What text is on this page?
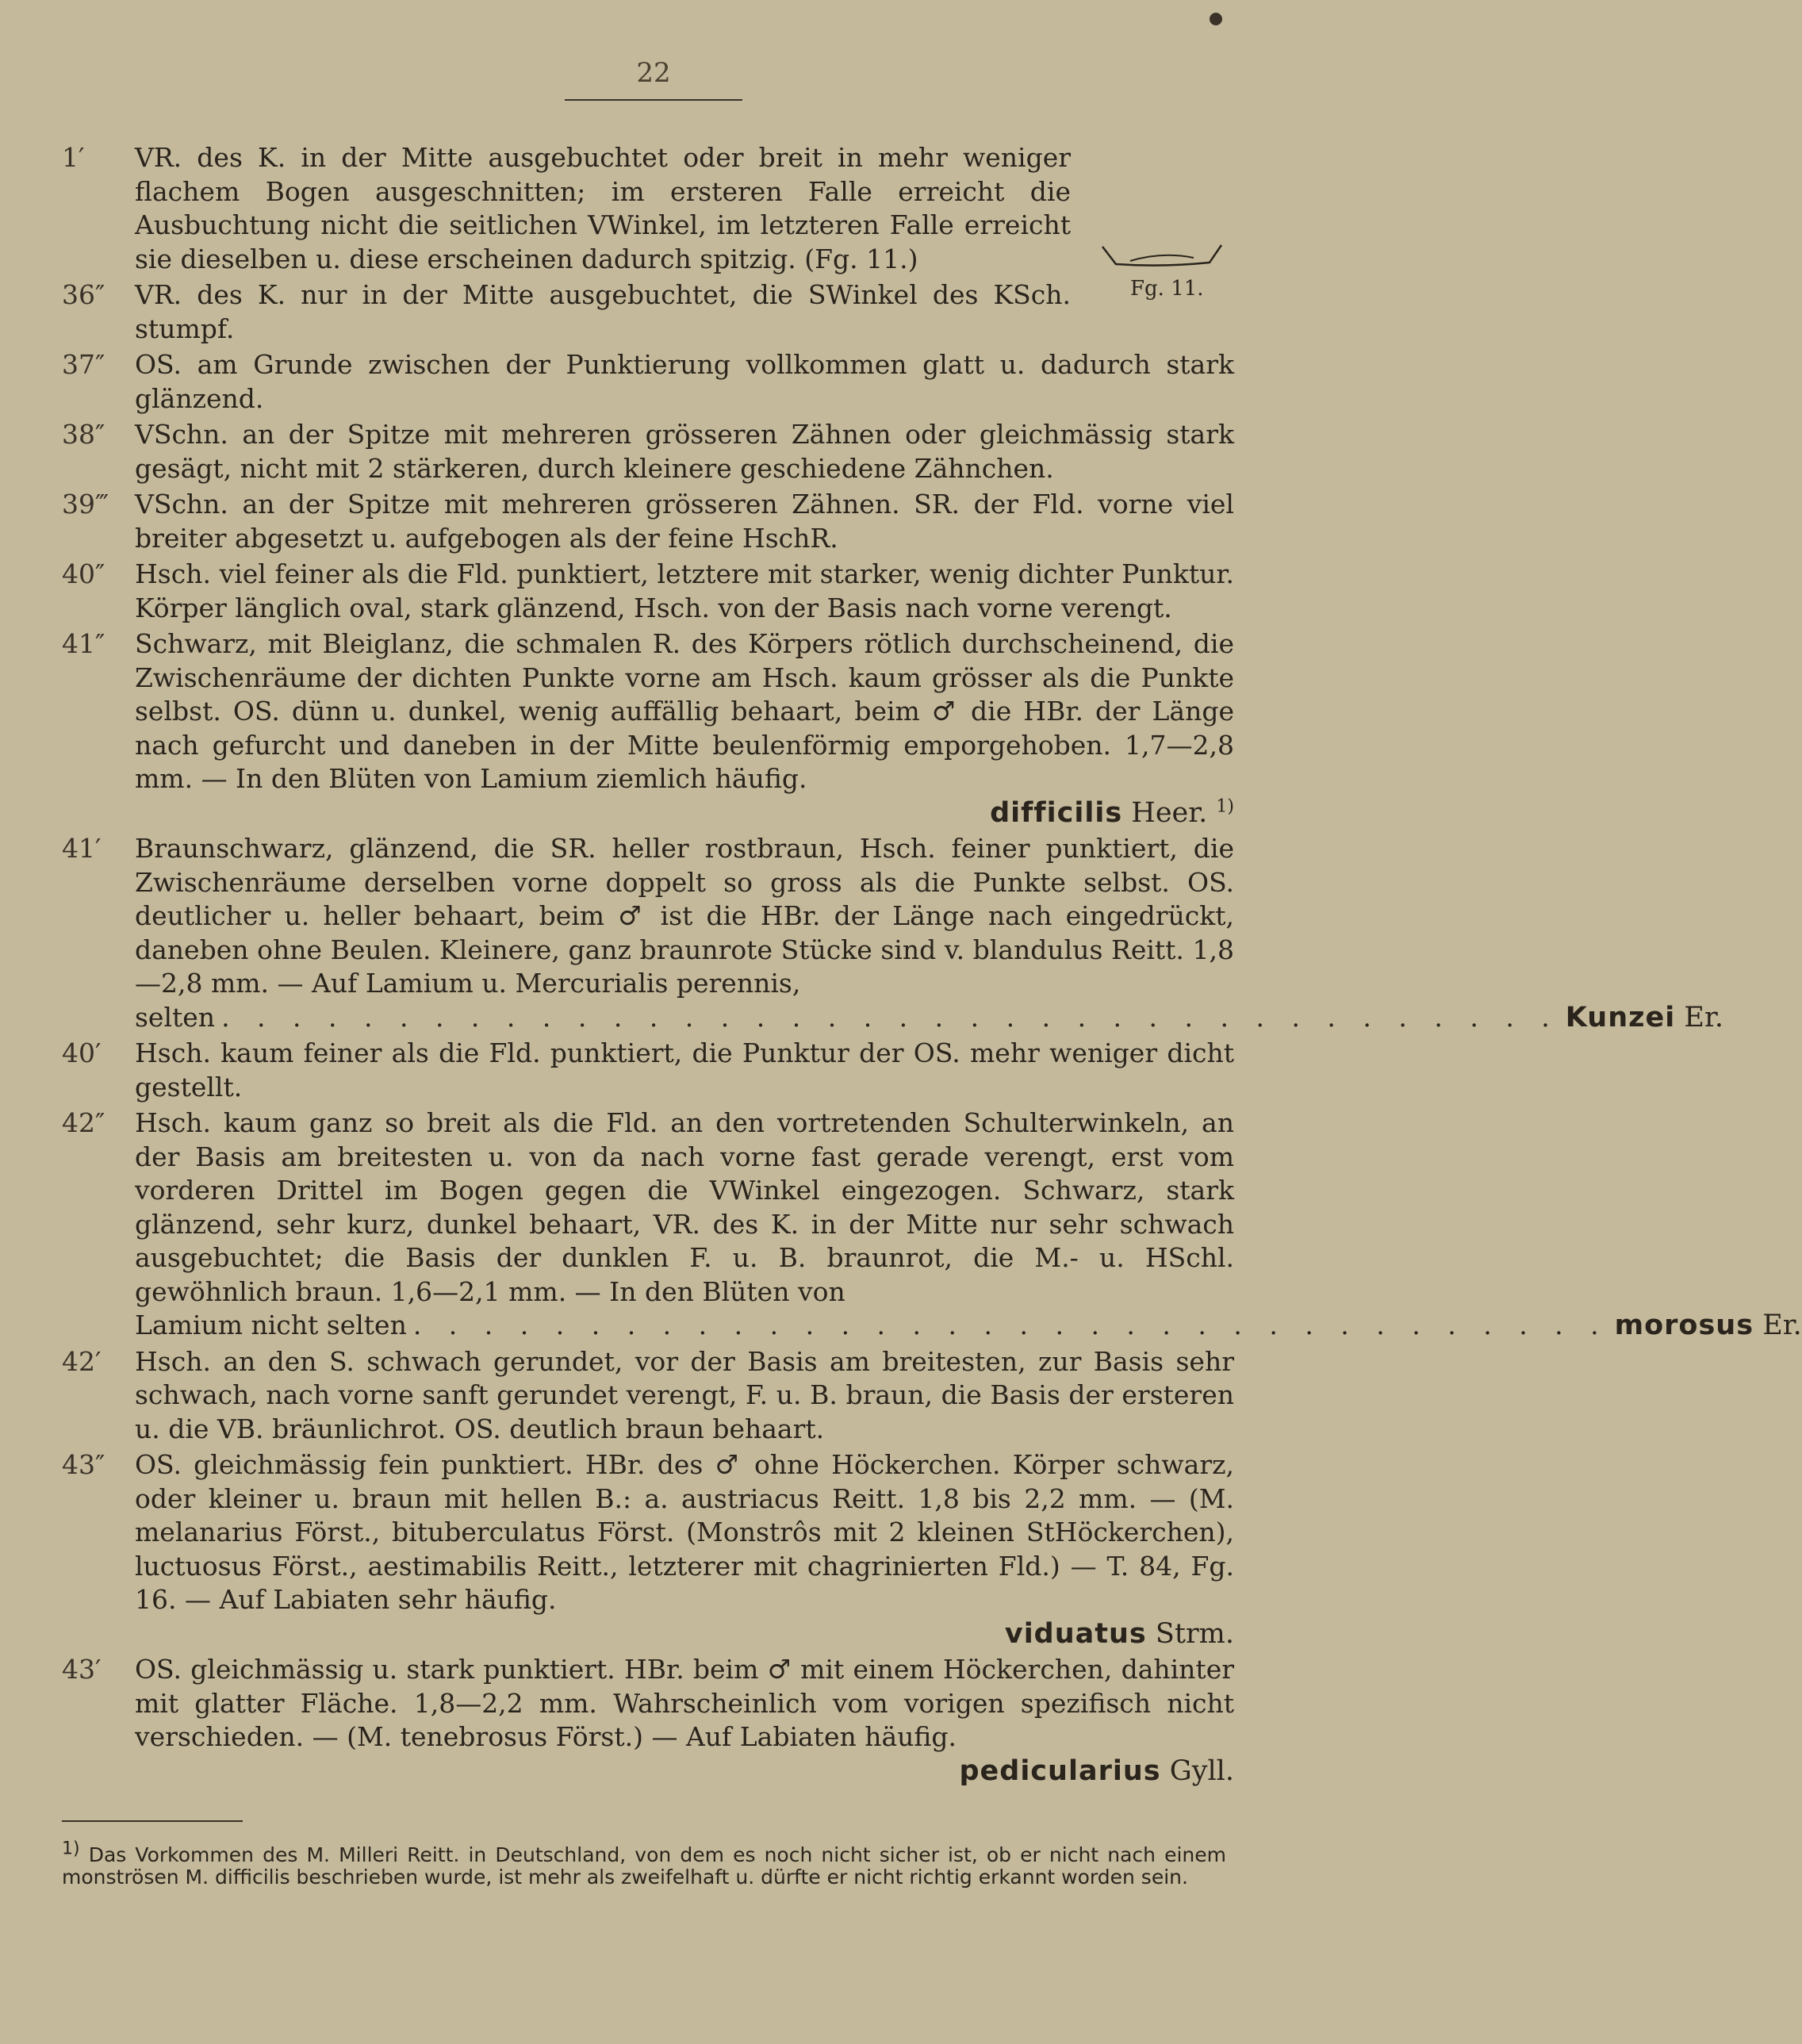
22
1′	VR. des K. in der Mitte ausgebuchtet oder breit in mehr weniger flachem Bogen ausgeschnitten; im ersteren Falle erreicht die Ausbuchtung nicht die seitlichen VWinkel, im letzteren Falle erreicht sie dieselben u. diese erscheinen dadurch spitzig. (Fg. 11.)
Fg. 11.
36″	VR. des K. nur in der Mitte ausgebuchtet, die SWinkel des KSch. stumpf.
37″	OS. am Grunde zwischen der Punktierung vollkommen glatt u. dadurch stark glänzend.
38″	VSchn. an der Spitze mit mehreren grösseren Zähnen oder gleichmässig stark gesägt, nicht mit 2 stärkeren, durch kleinere geschiedene Zähnchen.
39‴ VSchn. an der Spitze mit mehreren grösseren Zähnen. SR. der Fld. vorne viel breiter abgesetzt u. aufgebogen als der feine HschR.
40″	Hsch. viel feiner als die Fld. punktiert, letztere mit starker, wenig dichter Punktur. Körper länglich oval, stark glänzend, Hsch. von der Basis nach vorne verengt.
41″	Schwarz, mit Bleiglanz, die schmalen R. des Körpers rötlich durchscheinend, die Zwischenräume der dichten Punkte vorne am Hsch. kaum grösser als die Punkte selbst. OS. dünn u. dunkel, wenig auffällig behaart, beim ♂ die HBr. der Länge nach gefurcht und daneben in der Mitte beulenförmig emporgehoben. 1,7—2,8 mm. — In den Blüten von Lamium ziemlich häufig.
difficilis Heer. $^{1)}$
41′	Braunschwarz, glänzend, die SR. heller rostbraun, Hsch. feiner punktiert, die Zwischenräume derselben vorne doppelt so gross als die Punkte selbst. OS. deutlicher u. heller behaart, beim ♂ ist die HBr. der Länge nach eingedrückt, daneben ohne Beulen. Kleinere, ganz braunrote Stücke sind v. blandulus Reitt. 1,8—2,8 mm. — Auf Lamium u. Mercurialis perennis,
selten . . . . . . . . . . . . . . . . . . . . . . . . . . . . . . . . . . . . . . Kunzei Er.
40′	Hsch. kaum feiner als die Fld. punktiert, die Punktur der OS. mehr weniger dicht gestellt.
42″	Hsch. kaum ganz so breit als die Fld. an den vortretenden Schulterwinkeln, an der Basis am breitesten u. von da nach vorne fast gerade verengt, erst vom vorderen Drittel im Bogen gegen die VWinkel eingezogen. Schwarz, stark glänzend, sehr kurz, dunkel behaart, VR. des K. in der Mitte nur sehr schwach ausgebuchtet; die Basis der dunklen F. u. B. braunrot, die M.- u. HSchl. gewöhnlich braun. 1,6—2,1 mm. — In den Blüten von
Lamium nicht selten . . . . . . . . . . . . . . . . . . . . . . . . . . . . . . . . . . morosus Er.
42′	Hsch. an den S. schwach gerundet, vor der Basis am breitesten, zur Basis sehr schwach, nach vorne sanft gerundet verengt, F. u. B. braun, die Basis der ersteren u. die VB. bräunlichrot. OS. deutlich braun behaart.
43″	OS. gleichmässig fein punktiert. HBr. des ♂ ohne Höckerchen. Körper schwarz, oder kleiner u. braun mit hellen B.: a. austriacus Reitt. 1,8 bis 2,2 mm. — (M. melanarius Först., bituberculatus Först. (Monstrôs mit 2 kleinen StHöckerchen), luctuosus Först., aestimabilis Reitt., letzterer mit chagrinierten Fld.) — T. 84, Fg. 16. — Auf Labiaten sehr häufig.
viduatus Strm.
43′	OS. gleichmässig u. stark punktiert. HBr. beim ♂ mit einem Höckerchen, dahinter mit glatter Fläche. 1,8—2,2 mm. Wahrscheinlich vom vorigen spezifisch nicht verschieden. — (M. tenebrosus Först.) — Auf Labiaten häufig.
pedicularius Gyll.
1) Das Vorkommen des M. Milleri Reitt. in Deutschland, von dem es noch nicht sicher ist, ob er nicht nach einem monströsen M. difficilis beschrieben wurde, ist mehr als zweifelhaft u. dürfte er nicht richtig erkannt worden sein.
